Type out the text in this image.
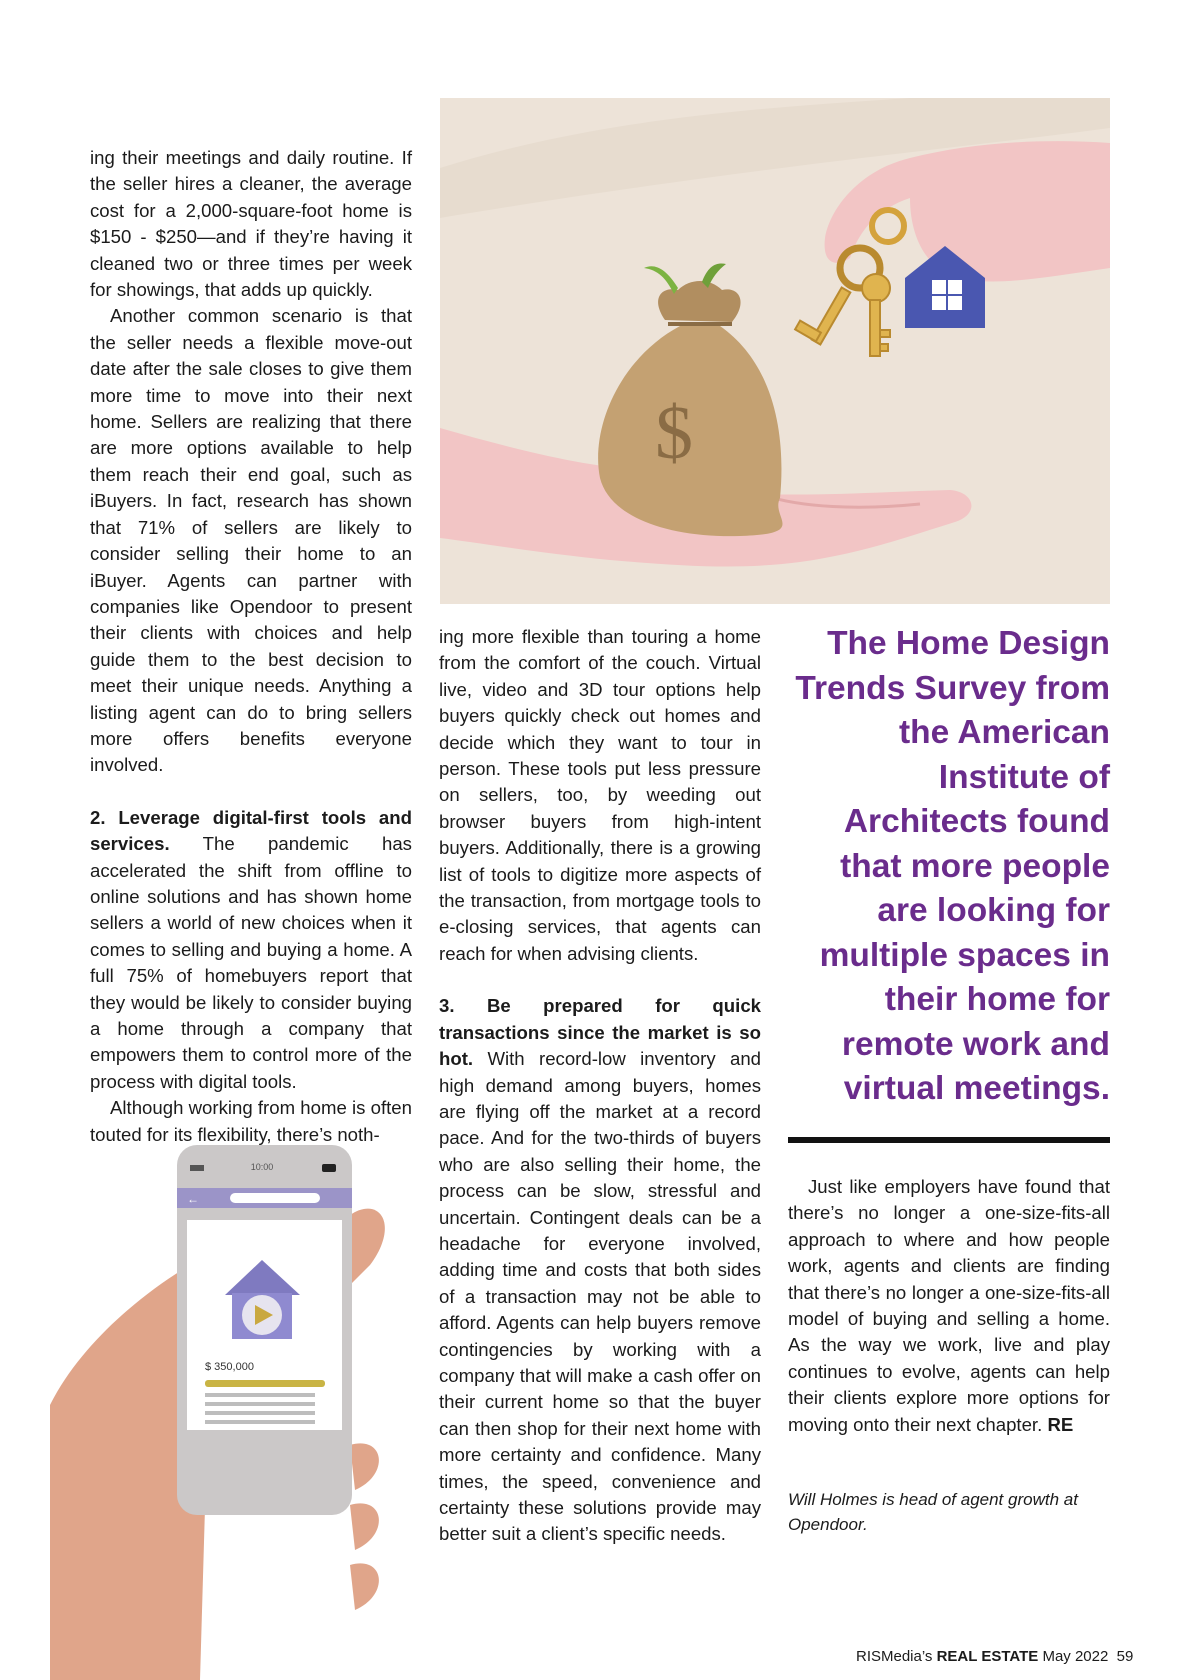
$

ing their meetings and daily routine. If the seller hires a cleaner, the average cost for a 2,000-square-foot home is $150 - $250—and if they’re having it cleaned two or three times per week for showings, that adds up quickly.

Another common scenario is that the seller needs a flexible move-out date after the sale closes to give them more time to move into their next home. Sellers are realizing that there are more options available to help them reach their end goal, such as iBuyers. In fact, research has shown that 71% of sellers are likely to consider selling their home to an iBuyer. Agents can partner with companies like Opendoor to present their clients with choices and help guide them to the best decision to meet their unique needs. Anything a listing agent can do to bring sellers more offers benefits everyone involved.

2. Leverage digital-first tools and services. The pandemic has accelerated the shift from offline to online solutions and has shown home sellers a world of new choices when it comes to selling and buying a home. A full 75% of homebuyers report that they would be likely to consider buying a home through a company that empowers them to control more of the process with digital tools.

Although working from home is often touted for its flexibility, there’s noth-

10:00
←
$ 350,000

ing more flexible than touring a home from the comfort of the couch. Virtual live, video and 3D tour options help buyers quickly check out homes and decide which they want to tour in person. These tools put less pressure on sellers, too, by weeding out browser buyers from high-intent buyers. Additionally, there is a growing list of tools to digitize more aspects of the transaction, from mortgage tools to e-closing services, that agents can reach for when advising clients.

3. Be prepared for quick transactions since the market is so hot. With record-low inventory and high demand among buyers, homes are flying off the market at a record pace. And for the two-thirds of buyers who are also selling their home, the process can be slow, stressful and uncertain. Contingent deals can be a headache for everyone involved, adding time and costs that both sides of a transaction may not be able to afford. Agents can help buyers remove contingencies by working with a company that will make a cash offer on their current home so that the buyer can then shop for their next home with more certainty and confidence. Many times, the speed, convenience and certainty these solutions provide may better suit a client’s specific needs.

The Home Design Trends Survey from the American Institute of Architects found that more people are looking for multiple spaces in their home for remote work and virtual meetings.

Just like employers have found that there’s no longer a one-size-fits-all approach to where and how people work, agents and clients are finding that there’s no longer a one-size-fits-all model of buying and selling a home. As the way we work, live and play continues to evolve, agents can help their clients explore more options for moving onto their next chapter. RE

Will Holmes is head of agent growth at Opendoor.

RISMedia’s REAL ESTATE May 2022 59
